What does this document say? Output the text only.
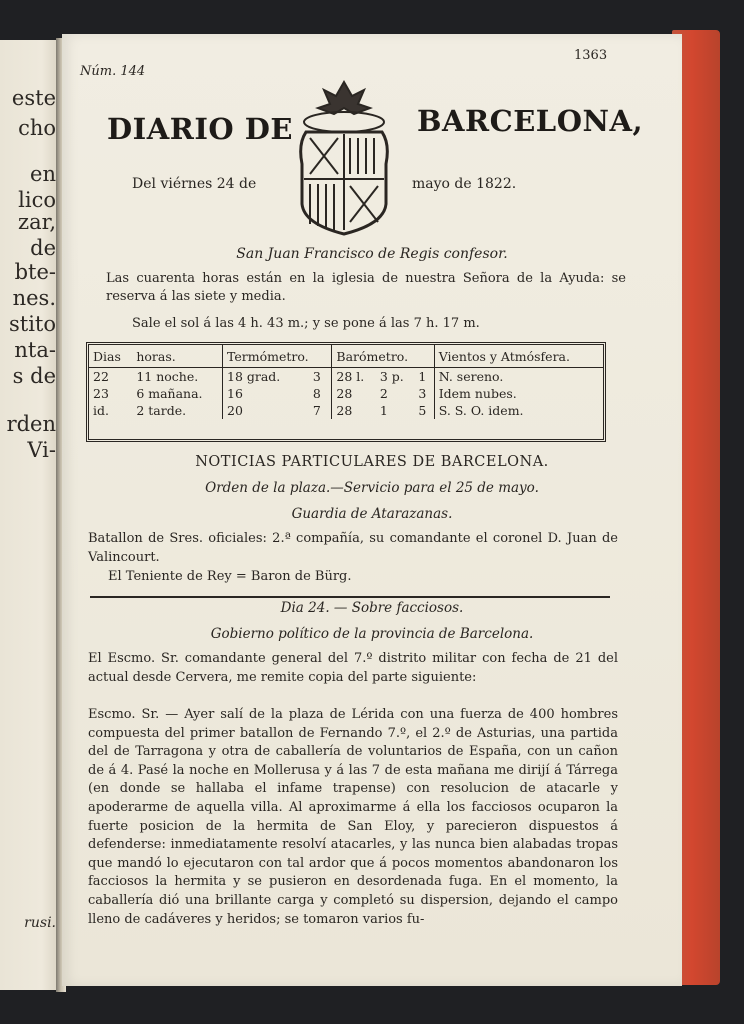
este
cho
en
lico
zar,
de
bte-
nes.
stito
nta-
s de
rden
Vi-
rusi.
Núm. 144
1363
DIARIO DE	BARCELONA,
Del viérnes 24 de	mayo de 1822.
San Juan Francisco de Regis confesor.
Las cuarenta horas están en la iglesia de nuestra Señora de la Ayuda: se reserva á las siete y media.
Sale el sol á las 4 h. 43 m.; y se pone á las 7 h. 17 m.
Dias	horas.	Termómetro.		Barómetro.			Vientos y Atmósfera.
22	11 noche.	18 grad.	3	28 l.	3 p.	1	N. sereno.
23	6 mañana.	16	8	28	2	3	Idem nubes.
id.	2 tarde.	20	7	28	1	5	S. S. O. idem.
NOTICIAS PARTICULARES DE BARCELONA.
Orden de la plaza.—Servicio para el 25 de mayo.
Guardia de Atarazanas.
Batallon de Sres. oficiales: 2.ª compañía, su comandante el coronel D. Juan de Valincourt.
El Teniente de Rey = Baron de Bürg.
Dia 24. — Sobre facciosos.
Gobierno político de la provincia de Barcelona.
El Escmo. Sr. comandante general del 7.º distrito militar con fecha de 21 del actual desde Cervera, me remite copia del parte siguiente:
Escmo. Sr. — Ayer salí de la plaza de Lérida con una fuerza de 400 hombres compuesta del primer batallon de Fernando 7.º, el 2.º de Asturias, una partida del de Tarragona y otra de caballería de voluntarios de España, con un cañon de á 4. Pasé la noche en Mollerusa y á las 7 de esta mañana me dirijí á Tárrega (en donde se hallaba el infame trapense) con resolucion de atacarle y apoderarme de aquella villa. Al aproximarme á ella los facciosos ocuparon la fuerte posicion de la hermita de San Eloy, y parecieron dispuestos á defenderse: inmediatamente resolví atacarles, y las nunca bien alabadas tropas que mandó lo ejecutaron con tal ardor que á pocos momentos abandonaron los facciosos la hermita y se pusieron en desordenada fuga. En el momento, la caballería dió una brillante carga y completó su dispersion, dejando el campo lleno de cadáveres y heridos; se tomaron varios fu-
